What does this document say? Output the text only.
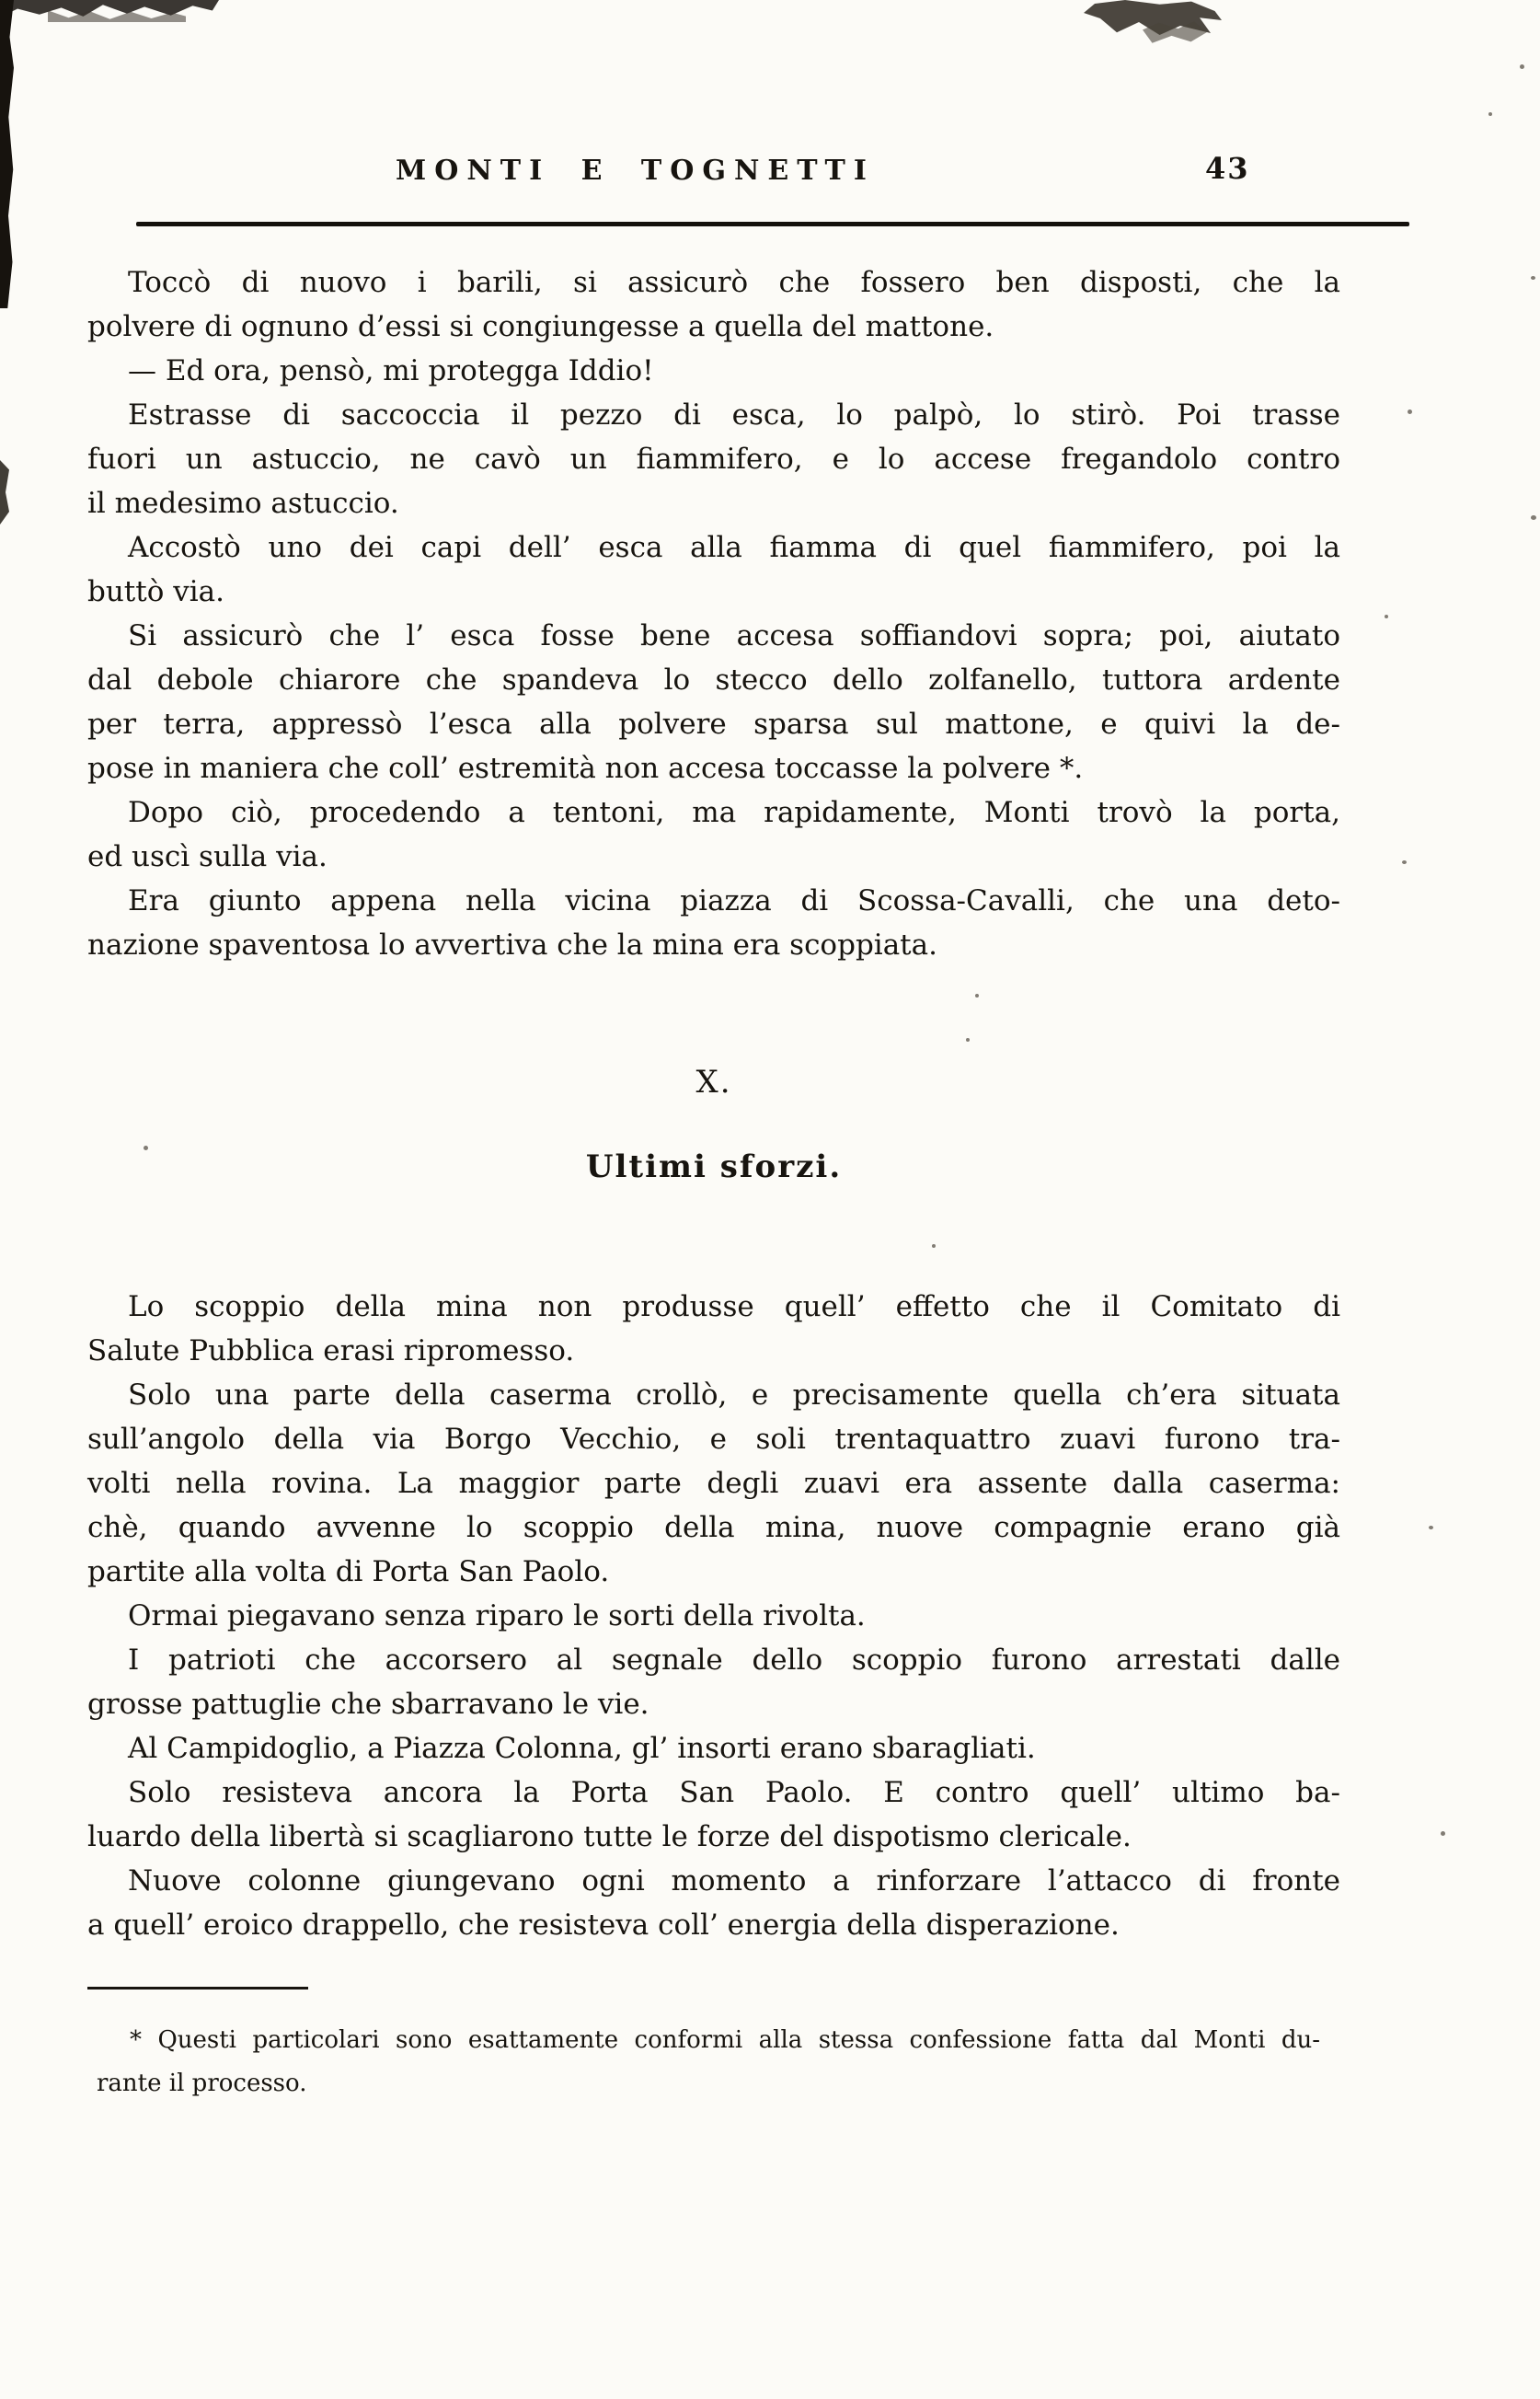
MONTI E TOGNETTI	43
Toccò di nuovo i barili, si assicurò che fossero ben disposti, che la
polvere di ognuno d’essi si congiungesse a quella del mattone.
— Ed ora, pensò, mi protegga Iddio!
Estrasse di saccoccia il pezzo di esca, lo palpò, lo stirò. Poi trasse
fuori un astuccio, ne cavò un fiammifero, e lo accese fregandolo contro
il medesimo astuccio.
Accostò uno dei capi dell’ esca alla fiamma di quel fiammifero, poi la
buttò via.
Si assicurò che l’ esca fosse bene accesa soffiandovi sopra; poi, aiutato
dal debole chiarore che spandeva lo stecco dello zolfanello, tuttora ardente
per terra, appressò l’esca alla polvere sparsa sul mattone, e quivi la de-
pose in maniera che coll’ estremità non accesa toccasse la polvere *.
Dopo ciò, procedendo a tentoni, ma rapidamente, Monti trovò la porta,
ed uscì sulla via.
Era giunto appena nella vicina piazza di Scossa-Cavalli, che una deto-
nazione spaventosa lo avvertiva che la mina era scoppiata.
X.
Ultimi sforzi.
Lo scoppio della mina non produsse quell’ effetto che il Comitato di
Salute Pubblica erasi ripromesso.
Solo una parte della caserma crollò, e precisamente quella ch’era situata
sull’angolo della via Borgo Vecchio, e soli trentaquattro zuavi furono tra-
volti nella rovina. La maggior parte degli zuavi era assente dalla caserma:
chè, quando avvenne lo scoppio della mina, nuove compagnie erano già
partite alla volta di Porta San Paolo.
Ormai piegavano senza riparo le sorti della rivolta.
I patrioti che accorsero al segnale dello scoppio furono arrestati dalle
grosse pattuglie che sbarravano le vie.
Al Campidoglio, a Piazza Colonna, gl’ insorti erano sbaragliati.
Solo resisteva ancora la Porta San Paolo. E contro quell’ ultimo ba-
luardo della libertà si scagliarono tutte le forze del dispotismo clericale.
Nuove colonne giungevano ogni momento a rinforzare l’attacco di fronte
a quell’ eroico drappello, che resisteva coll’ energia della disperazione.
* Questi particolari sono esattamente conformi alla stessa confessione fatta dal Monti du-
rante il processo.
